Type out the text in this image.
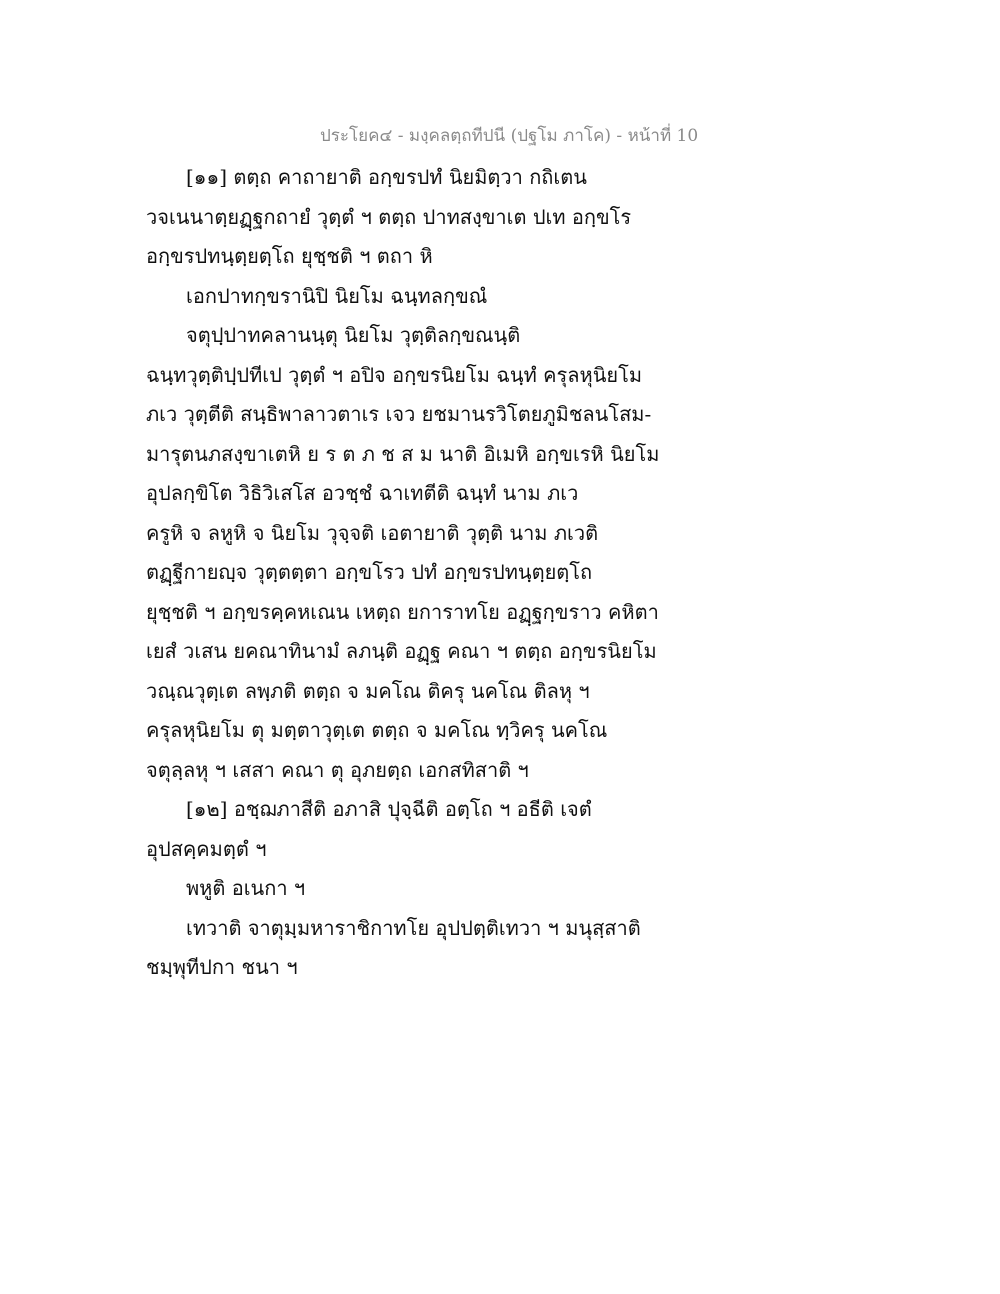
ประโยค๔ - มงฺคลตฺถทีปนี (ปฐโม ภาโค) - หน้าที่ 10
[๑๑] ตตฺถ คาถายาติ อกฺขรปทํ นิยมิตฺวา กถิเตน
วจเนนาตฺยฏฺฐกถายํ วุตฺตํ ฯ ตตฺถ ปาทสงฺขาเต ปเท อกฺขโร
อกฺขรปทนฺตฺยตฺโถ ยุชฺชติ ฯ ตถา หิ
เอกปาทกฺขรานิปิ นิยโม ฉนฺทลกฺขณํ
จตุปฺปาทคลานนฺตุ นิยโม วุตฺติลกฺขณนฺติ
ฉนฺทวุตฺติปฺปทีเป วุตฺตํ ฯ อปิจ อกฺขรนิยโม ฉนฺทํ ครุลหุนิยโม
ภเว วุตฺตีติ สนฺธิพาลาวตาเร เจว ยชมานรวิโตยภูมิชลนโสม-
มารุตนภสงฺขาเตหิ ย ร ต ภ ช ส ม นาติ อิเมหิ อกฺขเรหิ นิยโม
อุปลกฺขิโต วิธิวิเสโส อวชฺชํ ฉาเทตีติ ฉนฺทํ นาม ภเว
ครูหิ จ ลหูหิ จ นิยโม วุจฺจติ เอตายาติ วุตฺติ นาม ภเวติ
ตฏฺฐีกายญฺจ วุตฺตตฺตา อกฺขโรว ปทํ อกฺขรปทนฺตฺยตฺโถ
ยุชฺชติ ฯ อกฺขรคฺคหเณน เหตฺถ ยการาทโย อฏฺฐกฺขราว คหิตา
เยสํ วเสน ยคณาทินามํ ลภนฺติ อฏฺฐ คณา ฯ ตตฺถ อกฺขรนิยโม
วณฺณวุตฺเต ลพฺภติ ตตฺถ จ มคโณ ติครุ นคโณ ติลหุ ฯ
ครุลหุนิยโม ตุ มตฺตาวุตฺเต ตตฺถ จ มคโณ ทฺวิครุ นคโณ
จตุลฺลหุ ฯ เสสา คณา ตุ อุภยตฺถ เอกสทิสาติ ฯ
[๑๒] อชฺฌภาสีติ อภาสิ ปุจฺฉีติ อตฺโถ ฯ อธีติ เจตํ
อุปสคฺคมตฺตํ ฯ
พหูติ อเนกา ฯ
เทวาติ จาตุมฺมหาราชิกาทโย อุปปตฺติเทวา ฯ มนุสฺสาติ
ชมฺพุทีปกา ชนา ฯ
